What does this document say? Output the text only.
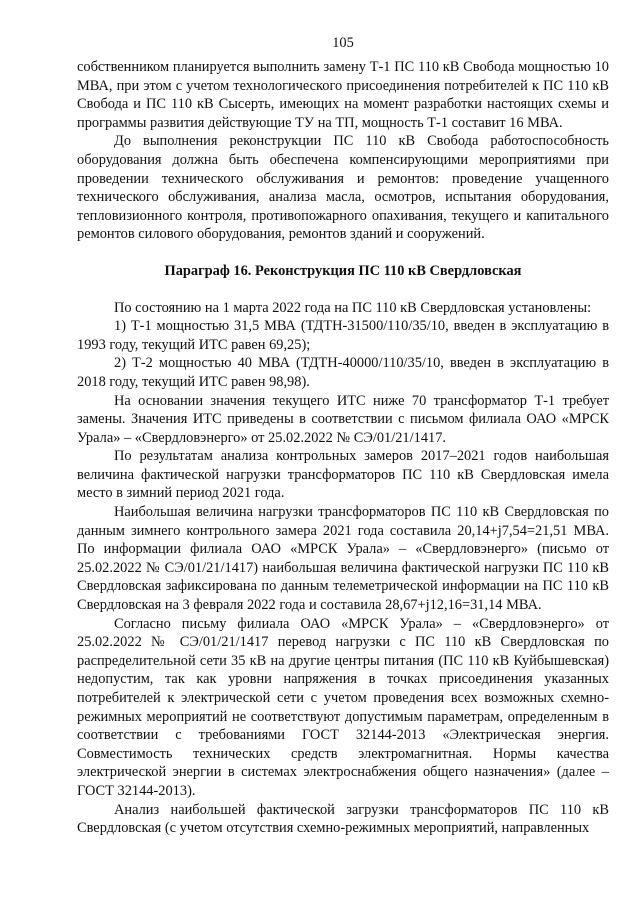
105

собственником планируется выполнить замену Т-1 ПС 110 кВ Свобода мощностью 10 МВА, при этом с учетом технологического присоединения потребителей к ПС 110 кВ Свобода и ПС 110 кВ Сысерть, имеющих на момент разработки настоящих схемы и программы развития действующие ТУ на ТП, мощность Т-1 составит 16 МВА.

До выполнения реконструкции ПС 110 кВ Свобода работоспособность оборудования должна быть обеспечена компенсирующими мероприятиями при проведении технического обслуживания и ремонтов: проведение учащенного технического обслуживания, анализа масла, осмотров, испытания оборудования, тепловизионного контроля, противопожарного опахивания, текущего и капитального ремонтов силового оборудования, ремонтов зданий и сооружений.

Параграф 16. Реконструкция ПС 110 кВ Свердловская

По состоянию на 1 марта 2022 года на ПС 110 кВ Свердловская установлены:

1) Т-1 мощностью 31,5 МВА (ТДТН-31500/110/35/10, введен в эксплуатацию в 1993 году, текущий ИТС равен 69,25);

2) Т-2 мощностью 40 МВА (ТДТН-40000/110/35/10, введен в эксплуатацию в 2018 году, текущий ИТС равен 98,98).

На основании значения текущего ИТС ниже 70 трансформатор Т-1 требует замены. Значения ИТС приведены в соответствии с письмом филиала ОАО «МРСК Урала» – «Свердловэнерго» от 25.02.2022 № СЭ/01/21/1417.

По результатам анализа контрольных замеров 2017–2021 годов наибольшая величина фактической нагрузки трансформаторов ПС 110 кВ Свердловская имела место в зимний период 2021 года.

Наибольшая величина нагрузки трансформаторов ПС 110 кВ Свердловская по данным зимнего контрольного замера 2021 года составила 20,14+j7,54=21,51 МВА. По информации филиала ОАО «МРСК Урала» – «Свердловэнерго» (письмо от 25.02.2022 № СЭ/01/21/1417) наибольшая величина фактической нагрузки ПС 110 кВ Свердловская зафиксирована по данным телеметрической информации на ПС 110 кВ Свердловская на 3 февраля 2022 года и составила 28,67+j12,16=31,14 МВА.

Согласно письму филиала ОАО «МРСК Урала» – «Свердловэнерго» от 25.02.2022 № СЭ/01/21/1417 перевод нагрузки с ПС 110 кВ Свердловская по распределительной сети 35 кВ на другие центры питания (ПС 110 кВ Куйбышевская) недопустим, так как уровни напряжения в точках присоединения указанных потребителей к электрической сети с учетом проведения всех возможных схемно-режимных мероприятий не соответствуют допустимым параметрам, определенным в соответствии с требованиями ГОСТ 32144-2013 «Электрическая энергия. Совместимость технических средств электромагнитная. Нормы качества электрической энергии в системах электроснабжения общего назначения» (далее – ГОСТ 32144-2013).

Анализ наибольшей фактической загрузки трансформаторов ПС 110 кВ Свердловская (с учетом отсутствия схемно-режимных мероприятий, направленных
